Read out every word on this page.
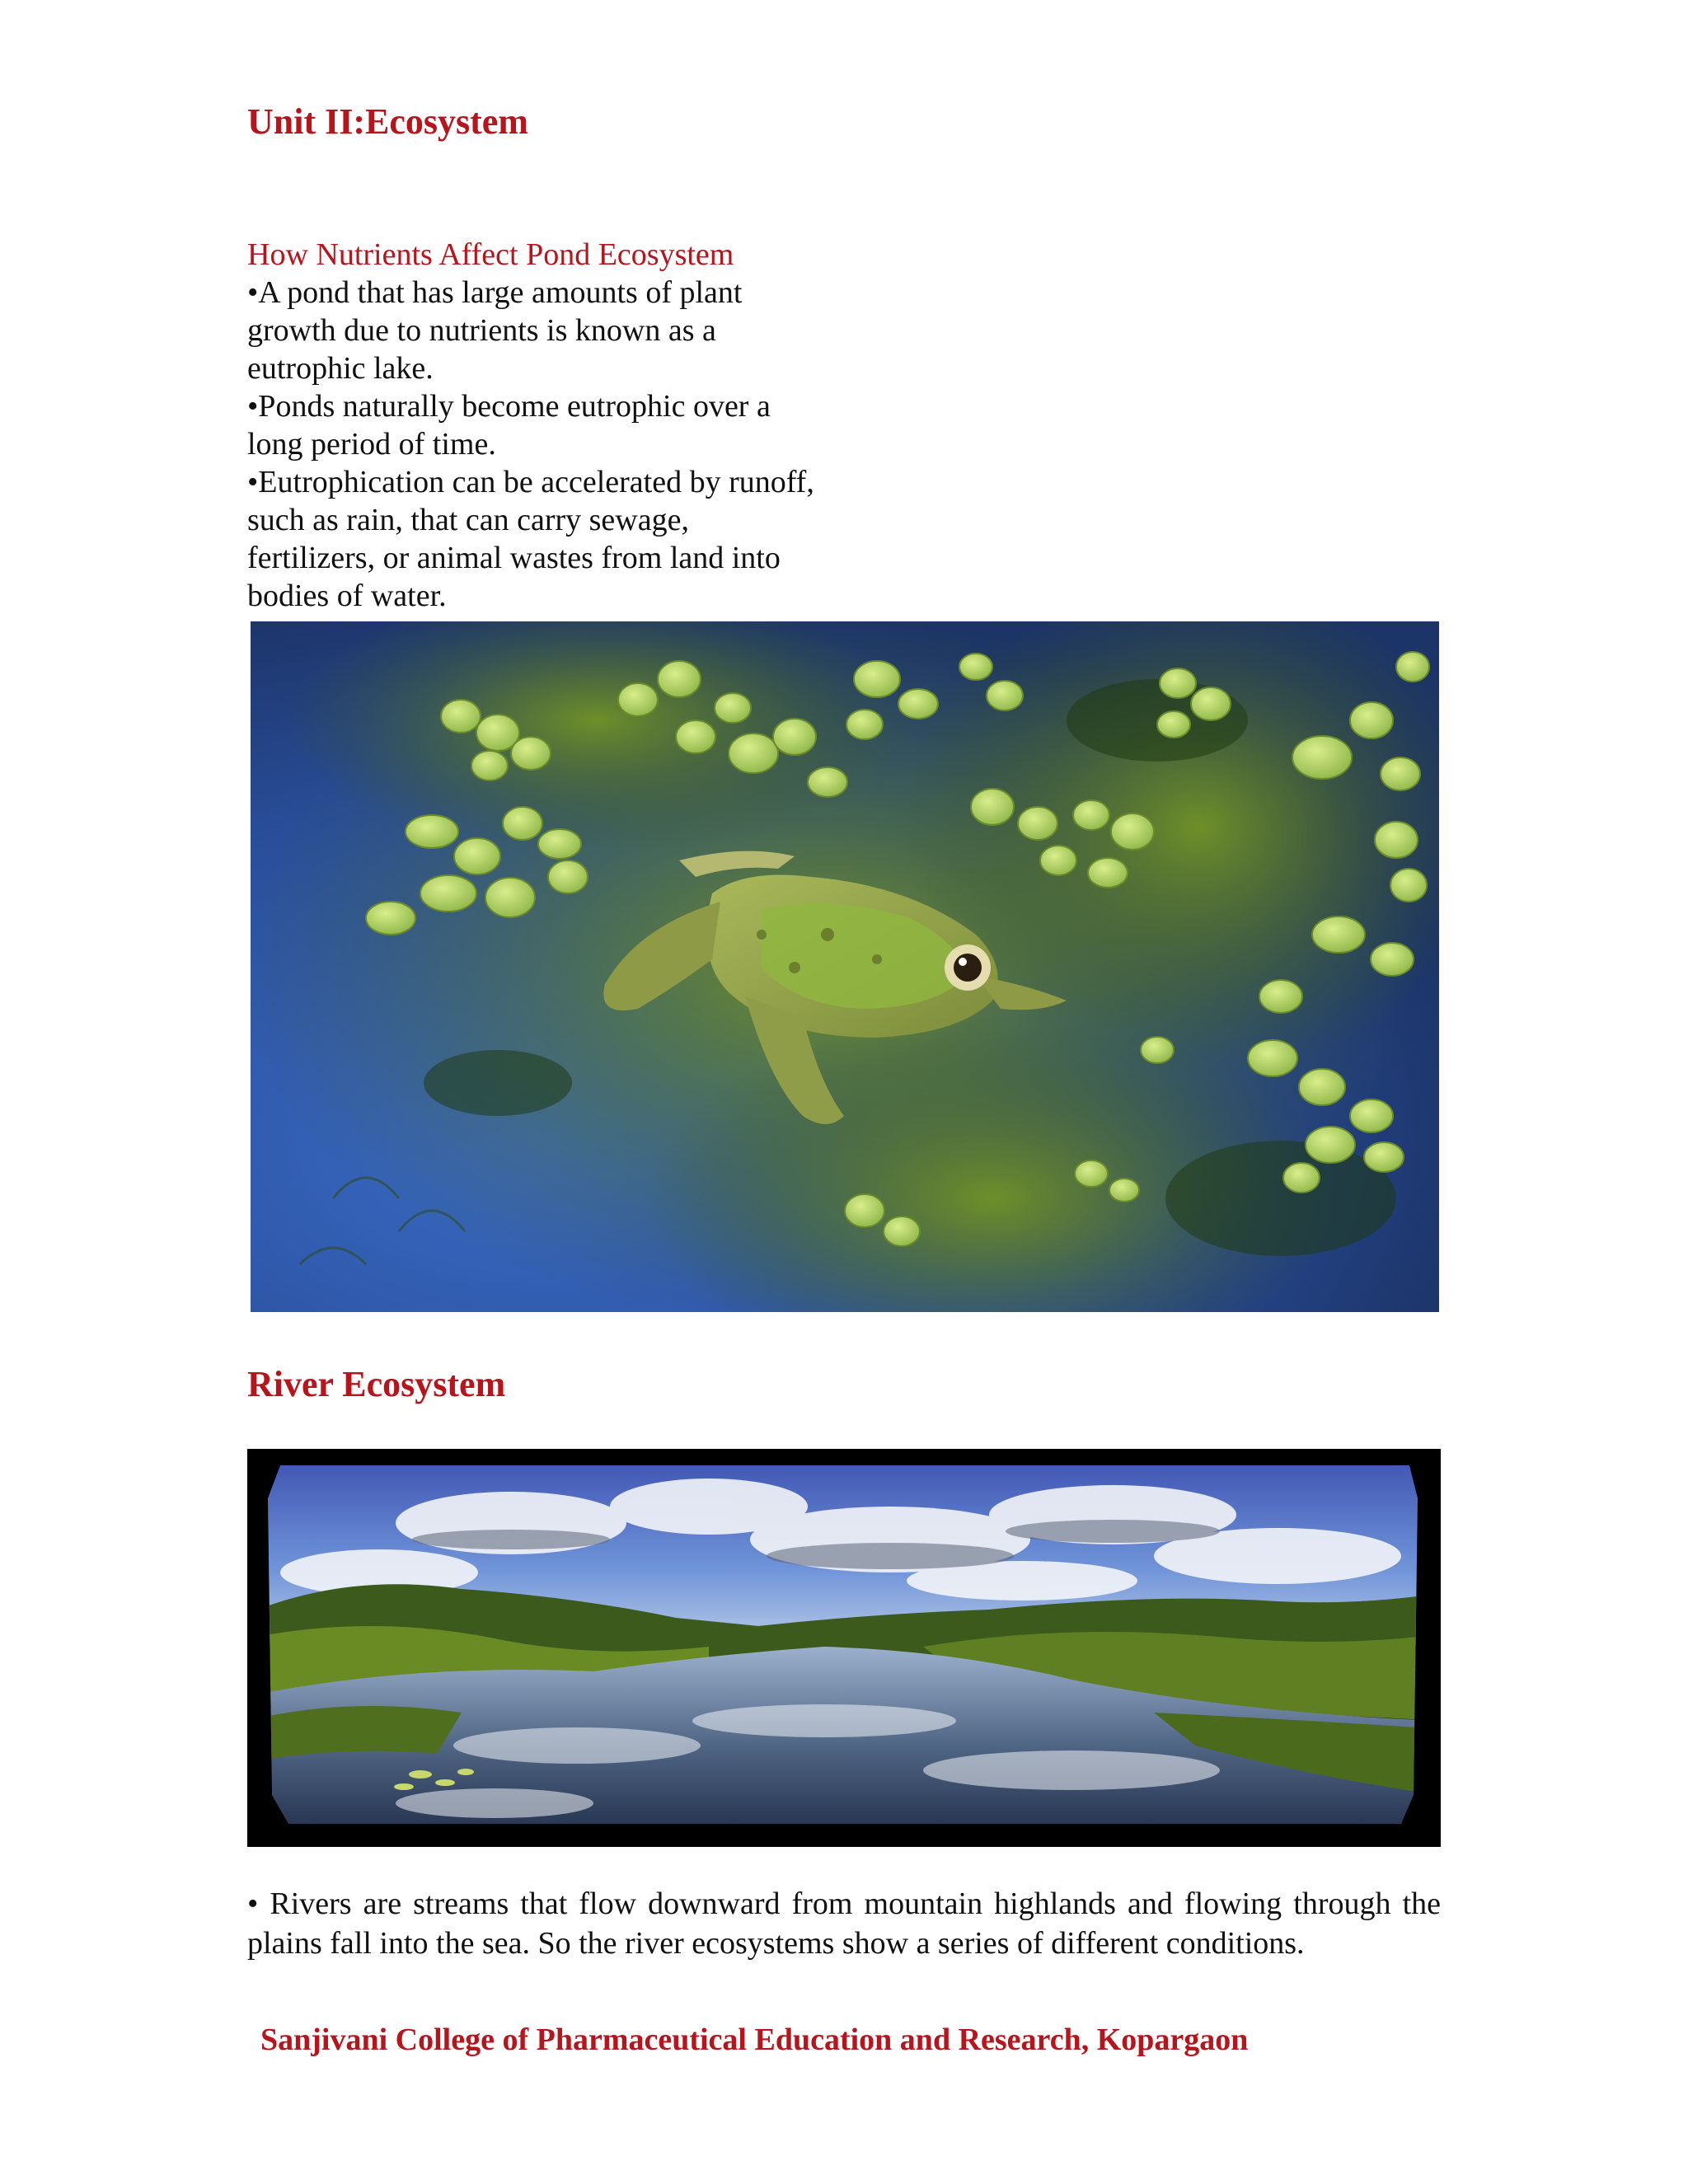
Unit II:Ecosystem
How Nutrients Affect Pond Ecosystem
•A pond that has large amounts of plant
growth due to nutrients is known as a
eutrophic lake.
•Ponds naturally become eutrophic over a
long period of time.
•Eutrophication can be accelerated by runoff,
such as rain, that can carry sewage,
fertilizers, or animal wastes from land into
bodies of water.
River Ecosystem
• Rivers are streams that flow downward from mountain highlands and flowing through the plains fall into the sea. So the river ecosystems show a series of different conditions.
Sanjivani College of Pharmaceutical Education and Research, Kopargaon
